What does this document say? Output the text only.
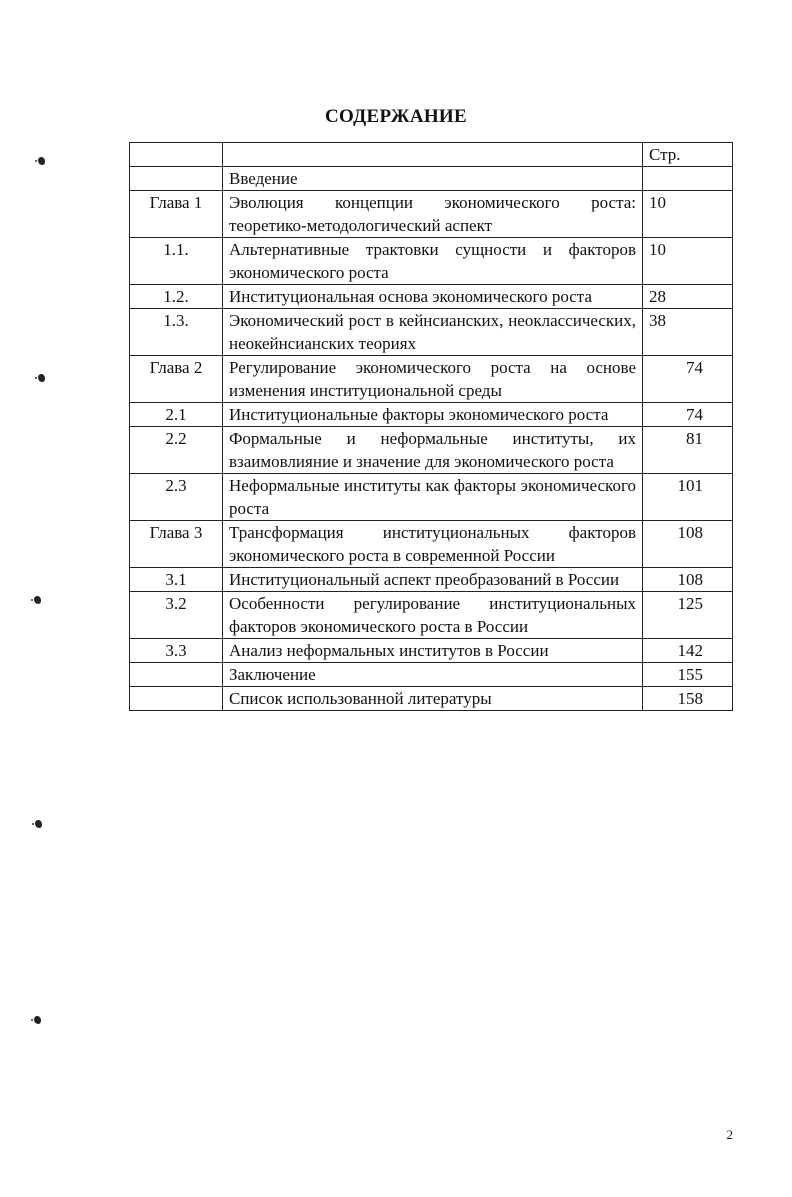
СОДЕРЖАНИЕ
		Стр.
	Введение	
Глава 1	Эволюция концепции экономического роста: теоретико-методологический аспект	10
1.1.	Альтернативные трактовки сущности и факторов экономического роста	10
1.2.	Институциональная основа экономического роста	28
1.3.	Экономический рост в кейнсианских, неоклассических, неокейнсианских теориях	38
Глава 2	Регулирование экономического роста на основе изменения институциональной среды	74
2.1	Институциональные факторы экономического роста	74
2.2	Формальные и неформальные институты, их взаимовлияние и значение для экономического роста	81
2.3	Неформальные институты как факторы экономического роста	101
Глава 3	Трансформация институциональных факторов экономического роста в современной России	108
3.1	Институциональный аспект преобразований в России	108
3.2	Особенности регулирование институциональных факторов экономического роста в России	125
3.3	Анализ неформальных институтов в России	142
	Заключение	155
	Список использованной литературы	158
2
